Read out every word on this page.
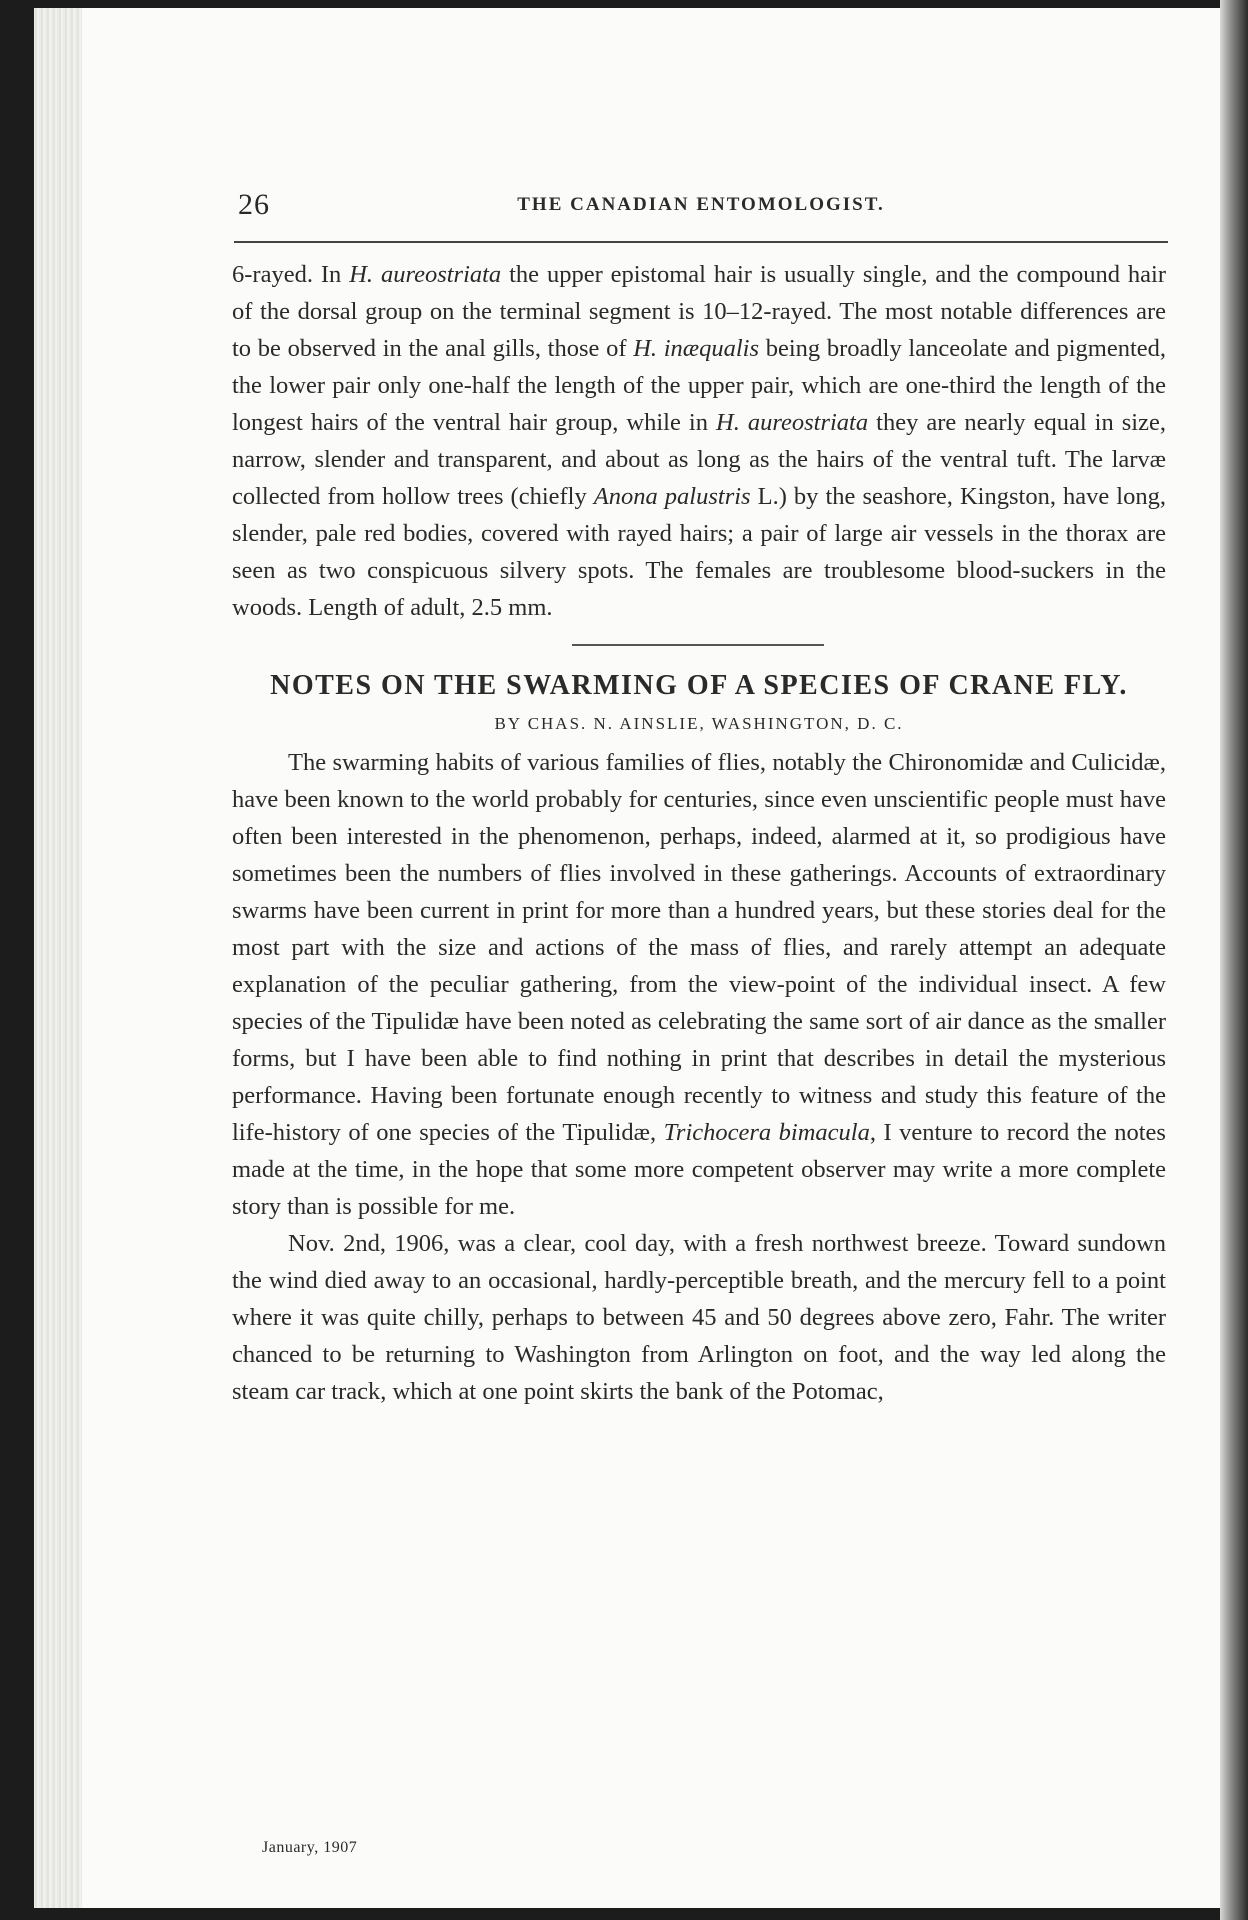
26	THE CANADIAN ENTOMOLOGIST.

6-rayed. In H. aureostriata the upper epistomal hair is usually single, and the compound hair of the dorsal group on the terminal segment is 10–12-rayed. The most notable differences are to be observed in the anal gills, those of H. inæqualis being broadly lanceolate and pigmented, the lower pair only one-half the length of the upper pair, which are one-third the length of the longest hairs of the ventral hair group, while in H. aureostriata they are nearly equal in size, narrow, slender and transparent, and about as long as the hairs of the ventral tuft. The larvæ collected from hollow trees (chiefly Anona palustris L.) by the seashore, Kingston, have long, slender, pale red bodies, covered with rayed hairs; a pair of large air vessels in the thorax are seen as two conspicuous silvery spots. The females are troublesome blood-suckers in the woods. Length of adult, 2.5 mm.

NOTES ON THE SWARMING OF A SPECIES OF CRANE FLY.
BY CHAS. N. AINSLIE, WASHINGTON, D. C.

The swarming habits of various families of flies, notably the Chironomidæ and Culicidæ, have been known to the world probably for centuries, since even unscientific people must have often been interested in the phenomenon, perhaps, indeed, alarmed at it, so prodigious have sometimes been the numbers of flies involved in these gatherings. Accounts of extraordinary swarms have been current in print for more than a hundred years, but these stories deal for the most part with the size and actions of the mass of flies, and rarely attempt an adequate explanation of the peculiar gathering, from the view-point of the individual insect. A few species of the Tipulidæ have been noted as celebrating the same sort of air dance as the smaller forms, but I have been able to find nothing in print that describes in detail the mysterious performance. Having been fortunate enough recently to witness and study this feature of the life-history of one species of the Tipulidæ, Trichocera bimacula, I venture to record the notes made at the time, in the hope that some more competent observer may write a more complete story than is possible for me.

Nov. 2nd, 1906, was a clear, cool day, with a fresh northwest breeze. Toward sundown the wind died away to an occasional, hardly-perceptible breath, and the mercury fell to a point where it was quite chilly, perhaps to between 45 and 50 degrees above zero, Fahr. The writer chanced to be returning to Washington from Arlington on foot, and the way led along the steam car track, which at one point skirts the bank of the Potomac,

January, 1907
